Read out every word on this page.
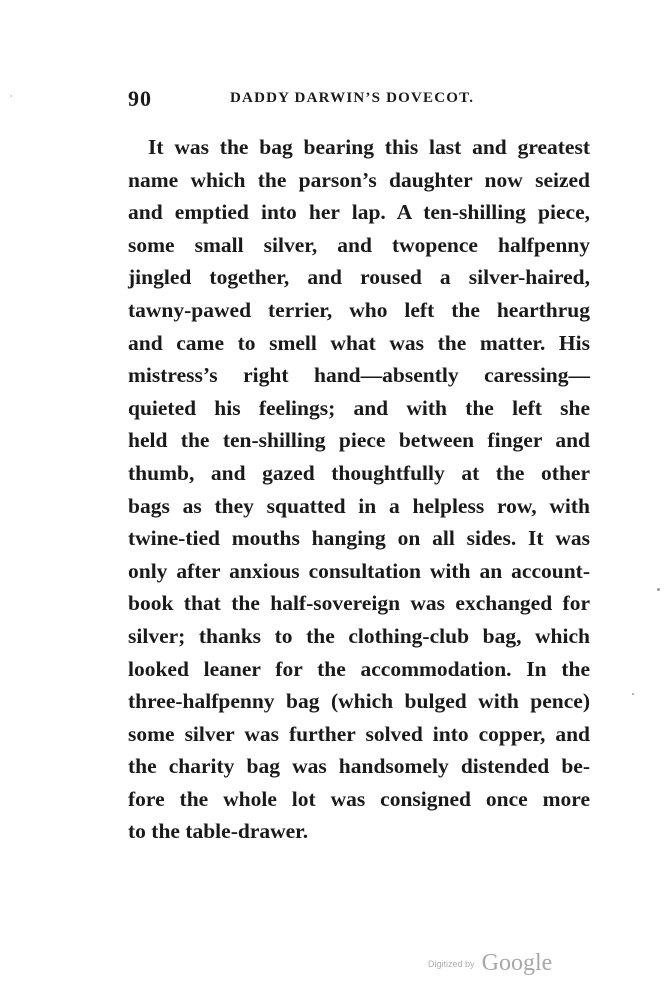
90	DADDY DARWIN’S DOVECOT.
It was the bag bearing this last and greatest
name which the parson’s daughter now seized
and emptied into her lap. A ten-shilling piece,
some small silver, and twopence halfpenny
jingled together, and roused a silver-haired,
tawny-pawed terrier, who left the hearthrug
and came to smell what was the matter. His
mistress’s right hand—absently caressing—
quieted his feelings; and with the left she
held the ten-shilling piece between finger and
thumb, and gazed thoughtfully at the other
bags as they squatted in a helpless row, with
twine-tied mouths hanging on all sides. It was
only after anxious consultation with an account-
book that the half-sovereign was exchanged for
silver; thanks to the clothing-club bag, which
looked leaner for the accommodation. In the
three-halfpenny bag (which bulged with pence)
some silver was further solved into copper, and
the charity bag was handsomely distended be-
fore the whole lot was consigned once more
to the table-drawer.
Digitized by Google
